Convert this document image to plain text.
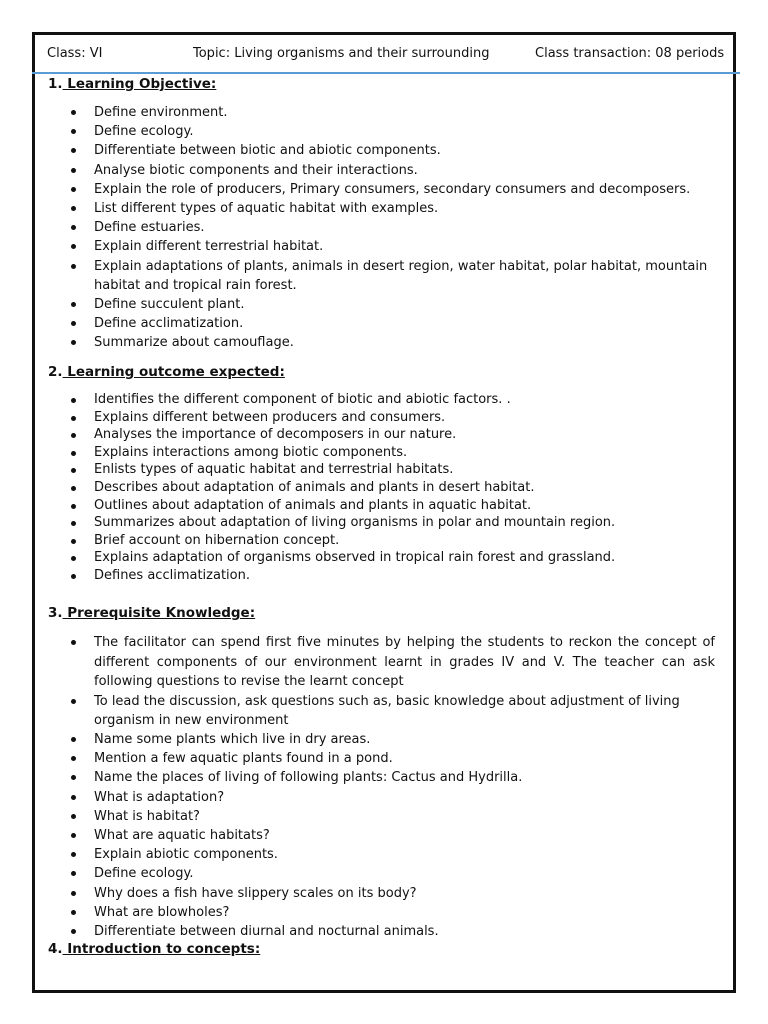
Class: VI	Topic: Living organisms and their surrounding	Class transaction: 08 periods
1. Learning Objective:
Define environment.
Define ecology.
Differentiate between biotic and abiotic components.
Analyse biotic components and their interactions.
Explain the role of producers, Primary consumers, secondary consumers and decomposers.
List different types of aquatic habitat with examples.
Define estuaries.
Explain different terrestrial habitat.
Explain adaptations of plants, animals in desert region, water habitat, polar habitat, mountain habitat and tropical rain forest.
Define succulent plant.
Define acclimatization.
Summarize about camouflage.
2. Learning outcome expected:
Identifies the different component of biotic and abiotic factors. .
Explains different between producers and consumers.
Analyses the importance of decomposers in our nature.
Explains interactions among biotic components.
Enlists types of aquatic habitat and terrestrial habitats.
Describes about adaptation of animals and plants in desert habitat.
Outlines about adaptation of animals and plants in aquatic habitat.
Summarizes about adaptation of living organisms in polar and mountain region.
Brief account on hibernation concept.
Explains adaptation of organisms observed in tropical rain forest and grassland.
Defines acclimatization.
3. Prerequisite Knowledge:
The facilitator can spend first five minutes by helping the students to reckon the concept of different components of our environment learnt in grades IV and V. The teacher can ask following questions to revise the learnt concept
To lead the discussion, ask questions such as, basic knowledge about adjustment of living organism in new environment
Name some plants which live in dry areas.
Mention a few aquatic plants found in a pond.
Name the places of living of following plants: Cactus and Hydrilla.
What is adaptation?
What is habitat?
What are aquatic habitats?
Explain abiotic components.
Define ecology.
Why does a fish have slippery scales on its body?
What are blowholes?
Differentiate between diurnal and nocturnal animals.
4. Introduction to concepts:
